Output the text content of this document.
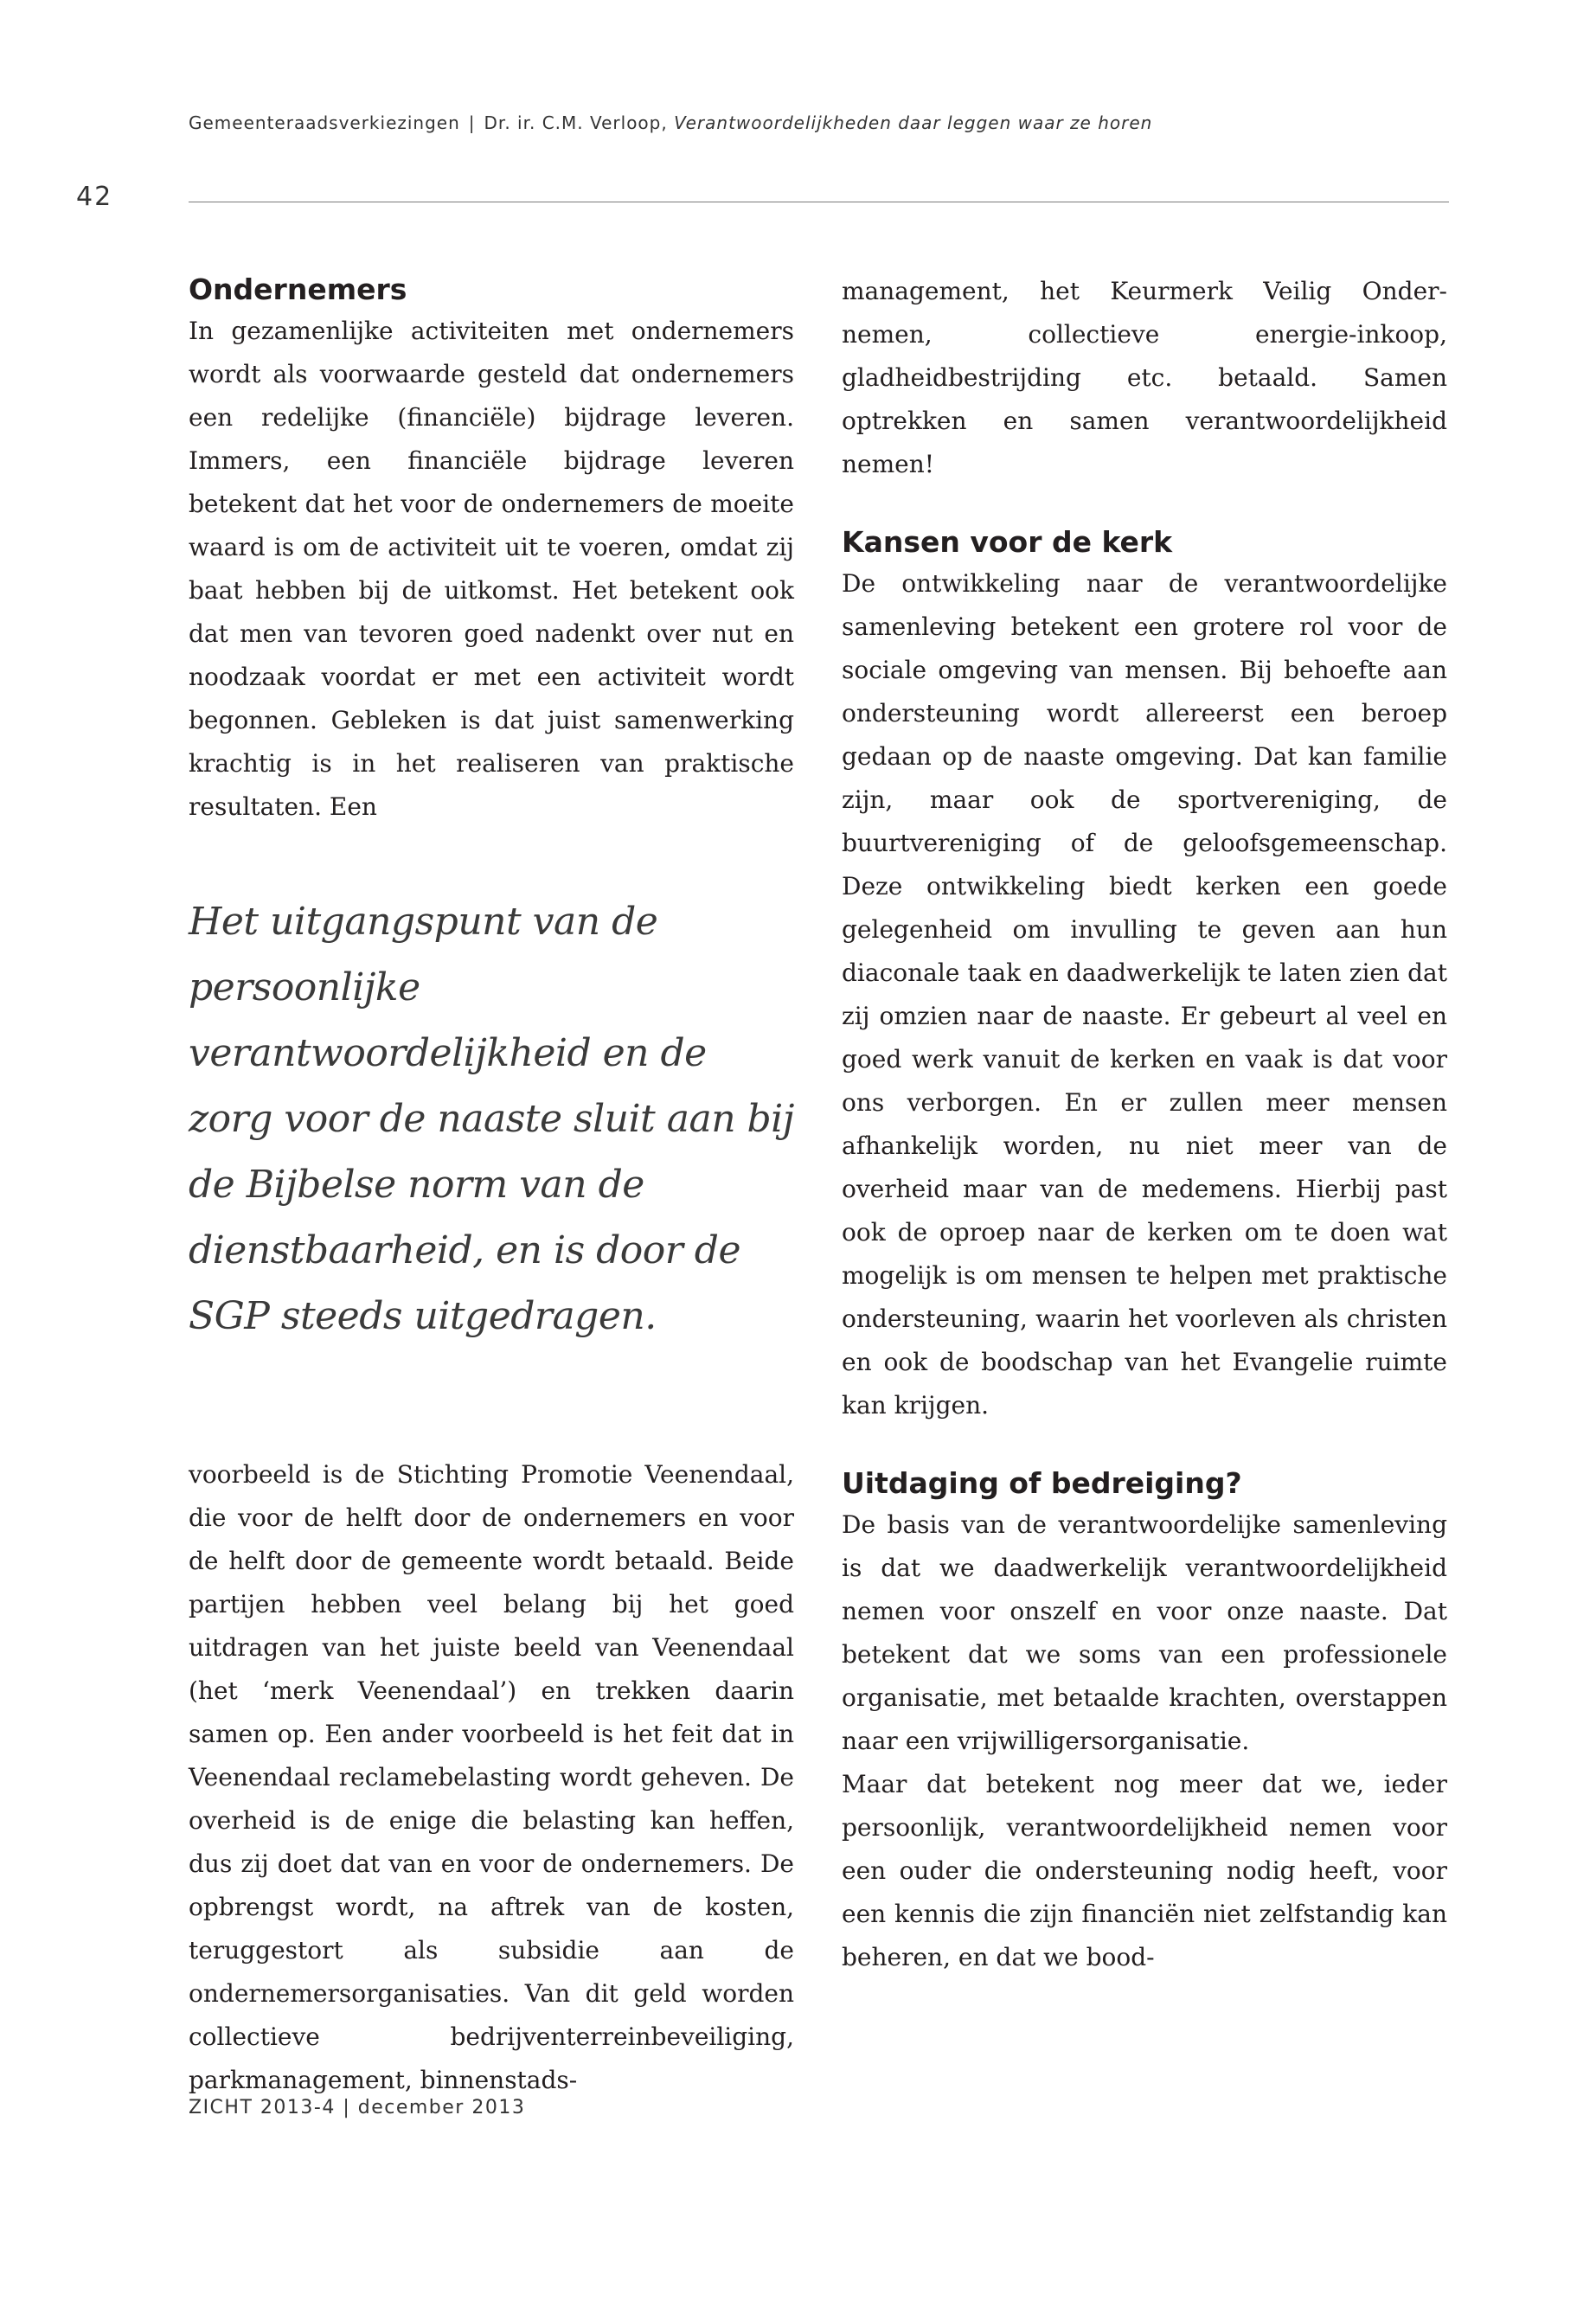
Gemeenteraadsverkiezingen | Dr. ir. C.M. Verloop, Verantwoordelijkheden daar leggen waar ze horen
42
Ondernemers

In gezamenlijke activiteiten met ondernemers wordt als voorwaarde gesteld dat ondernemers een redelijke (financiële) bijdrage leveren. Immers, een financiële bijdrage leveren betekent dat het voor de ondernemers de moeite waard is om de activiteit uit te voeren, omdat zij baat hebben bij de uitkomst. Het betekent ook dat men van tevoren goed nadenkt over nut en noodzaak voordat er met een activiteit wordt begonnen. Gebleken is dat juist samenwerking krachtig is in het realiseren van praktische resultaten. Een

Het uitgangspunt van de persoonlijke verantwoordelijkheid en de zorg voor de naaste sluit aan bij de Bijbelse norm van de dienstbaarheid, en is door de SGP steeds uitgedragen.

voorbeeld is de Stichting Promotie Veenendaal, die voor de helft door de ondernemers en voor de helft door de gemeente wordt betaald. Beide partijen hebben veel belang bij het goed uitdragen van het juiste beeld van Veenendaal (het ‘merk Veenendaal’) en trekken daarin samen op. Een ander voorbeeld is het feit dat in Veenendaal reclamebelasting wordt geheven. De overheid is de enige die belasting kan heffen, dus zij doet dat van en voor de ondernemers. De opbrengst wordt, na aftrek van de kosten, teruggestort als subsidie aan de ondernemersorganisaties. Van dit geld worden collectieve bedrijventerreinbeveiliging, parkmanagement, binnenstads-

management, het Keurmerk Veilig Onder- nemen, collectieve energie-inkoop, gladheidbestrijding etc. betaald. Samen optrekken en samen verantwoordelijkheid nemen!

Kansen voor de kerk

De ontwikkeling naar de verantwoordelijke samenleving betekent een grotere rol voor de sociale omgeving van mensen. Bij behoefte aan ondersteuning wordt allereerst een beroep gedaan op de naaste omgeving. Dat kan familie zijn, maar ook de sportvereniging, de buurtvereniging of de geloofsgemeenschap. Deze ontwikkeling biedt kerken een goede gelegenheid om invulling te geven aan hun diaconale taak en daadwerkelijk te laten zien dat zij omzien naar de naaste. Er gebeurt al veel en goed werk vanuit de kerken en vaak is dat voor ons verborgen. En er zullen meer mensen afhankelijk worden, nu niet meer van de overheid maar van de medemens. Hierbij past ook de oproep naar de kerken om te doen wat mogelijk is om mensen te helpen met praktische ondersteuning, waarin het voorleven als christen en ook de boodschap van het Evangelie ruimte kan krijgen.

Uitdaging of bedreiging?

De basis van de verantwoordelijke samenleving is dat we daadwerkelijk verantwoordelijkheid nemen voor onszelf en voor onze naaste. Dat betekent dat we soms van een professionele organisatie, met betaalde krachten, overstappen naar een vrijwilligersorganisatie.

Maar dat betekent nog meer dat we, ieder persoonlijk, verantwoordelijkheid nemen voor een ouder die ondersteuning nodig heeft, voor een kennis die zijn financiën niet zelfstandig kan beheren, en dat we bood-

ZICHT 2013-4 | december 2013
